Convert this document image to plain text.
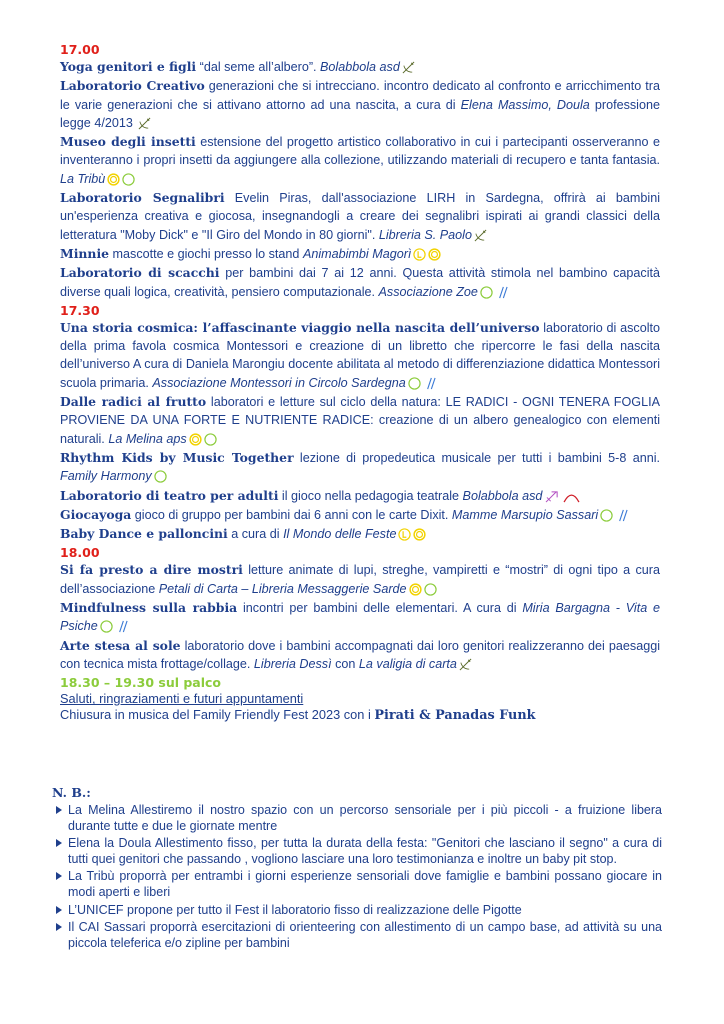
17.00
Yoga genitori e figli “dal seme all’albero”. Bolabbola asd
Laboratorio Creativo generazioni che si intrecciano. incontro dedicato al confronto e arricchimento tra le varie generazioni che si attivano attorno ad una nascita, a cura di Elena Massimo, Doula professione legge 4/2013
Museo degli insetti estensione del progetto artistico collaborativo in cui i partecipanti osserveranno e inventeranno i propri insetti da aggiungere alla collezione, utilizzando materiali di recupero e tanta fantasia. La Tribù
Laboratorio Segnalibri Evelin Piras, dall'associazione LIRH in Sardegna, offrirà ai bambini un'esperienza creativa e giocosa, insegnandogli a creare dei segnalibri ispirati ai grandi classici della letteratura "Moby Dick" e "Il Giro del Mondo in 80 giorni". Libreria S. Paolo
Minnie mascotte e giochi presso lo stand Animabimbi Magorì
Laboratorio di scacchi per bambini dai 7 ai 12 anni. Questa attività stimola nel bambino capacità diverse quali logica, creatività, pensiero computazionale. Associazione Zoe
17.30
Una storia cosmica: l’affascinante viaggio nella nascita dell’universo laboratorio di ascolto della prima favola cosmica Montessori e creazione di un libretto che ripercorre le fasi della nascita dell’universo A cura di Daniela Marongiu docente abilitata al metodo di differenziazione didattica Montessori scuola primaria. Associazione Montessori in Circolo Sardegna
Dalle radici al frutto laboratori e letture sul ciclo della natura: LE RADICI - OGNI TENERA FOGLIA PROVIENE DA UNA FORTE E NUTRIENTE RADICE: creazione di un albero genealogico con elementi naturali. La Melina aps
Rhythm Kids by Music Together lezione di propedeutica musicale per tutti i bambini 5-8 anni. Family Harmony
Laboratorio di teatro per adulti il gioco nella pedagogia teatrale Bolabbola asd
Giocayoga gioco di gruppo per bambini dai 6 anni con le carte Dixit. Mamme Marsupio Sassari
Baby Dance e palloncini a cura di Il Mondo delle Feste
18.00
Si fa presto a dire mostri letture animate di lupi, streghe, vampiretti e “mostri” di ogni tipo a cura dell’associazione Petali di Carta – Libreria Messaggerie Sarde
Mindfulness sulla rabbia incontri per bambini delle elementari. A cura di Miria Bargagna - Vita e Psiche
Arte stesa al sole laboratorio dove i bambini accompagnati dai loro genitori realizzeranno dei paesaggi con tecnica mista frottage/collage. Libreria Dessì con La valigia di carta
18.30 – 19.30 sul palco
Saluti, ringraziamenti e futuri appuntamenti
Chiusura in musica del Family Friendly Fest 2023 con i Pirati & Panadas Funk
N. B.:
La Melina Allestiremo il nostro spazio con un percorso sensoriale per i più piccoli - a fruizione libera durante tutte e due le giornate mentre
Elena la Doula Allestimento fisso, per tutta la durata della festa: "Genitori che lasciano il segno" a cura di tutti quei genitori che passando , vogliono lasciare una loro testimonianza e inoltre un baby pit stop.
La Tribù proporrà per entrambi i giorni esperienze sensoriali dove famiglie e bambini possano giocare in modi aperti e liberi
L’UNICEF propone per tutto il Fest il laboratorio fisso di realizzazione delle Pigotte
Il CAI Sassari proporrà esercitazioni di orienteering con allestimento di un campo base, ad attività su una piccola teleferica e/o zipline per bambini
